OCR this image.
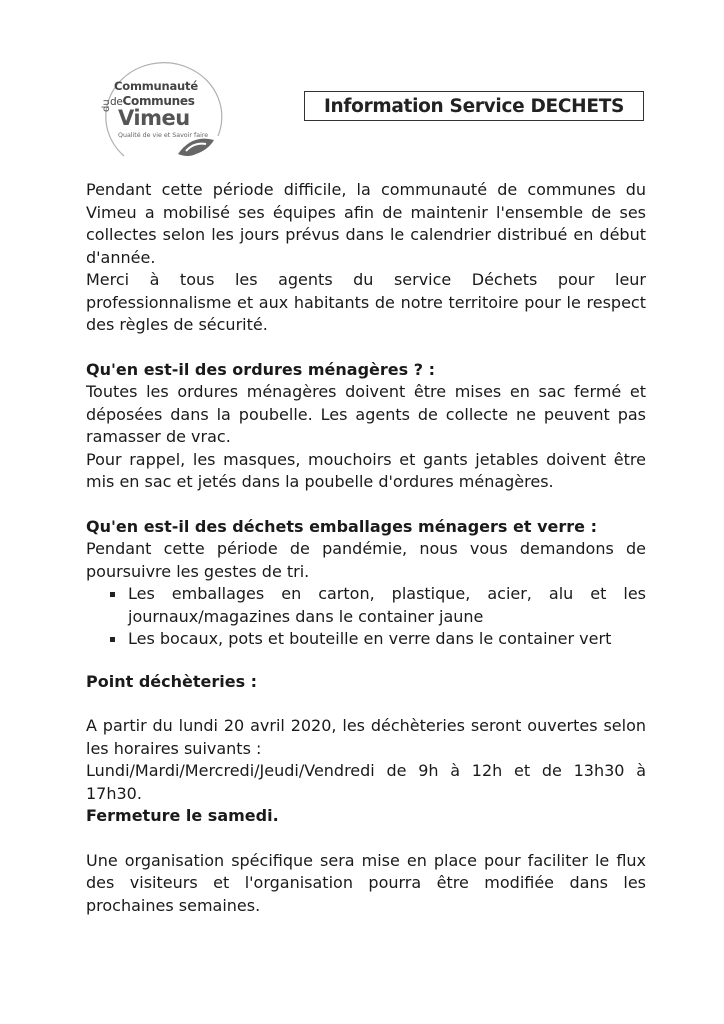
Communauté
deCommunes
du
Vimeu
Qualité de vie et Savoir faire
Information Service DECHETS

Pendant cette période difficile, la communauté de communes du Vimeu a mobilisé ses équipes afin de maintenir l'ensemble de ses collectes selon les jours prévus dans le calendrier distribué en début d'année.

Merci à tous les agents du service Déchets pour leur professionnalisme et aux habitants de notre territoire pour le respect des règles de sécurité.

Qu'en est-il des ordures ménagères ? :

Toutes les ordures ménagères doivent être mises en sac fermé et déposées dans la poubelle. Les agents de collecte ne peuvent pas ramasser de vrac.

Pour rappel, les masques, mouchoirs et gants jetables doivent être mis en sac et jetés dans la poubelle d'ordures ménagères.

Qu'en est-il des déchets emballages ménagers et verre :

Pendant cette période de pandémie, nous vous demandons de poursuivre les gestes de tri.

Les emballages en carton, plastique, acier, alu et les journaux/magazines dans le container jaune
Les bocaux, pots et bouteille en verre dans le container vert
Point déchèteries :

A partir du lundi 20 avril 2020, les déchèteries seront ouvertes selon les horaires suivants :

Lundi/Mardi/Mercredi/Jeudi/Vendredi de 9h à 12h et de 13h30 à 17h30.

Fermeture le samedi.

Une organisation spécifique sera mise en place pour faciliter le flux des visiteurs et l'organisation pourra être modifiée dans les prochaines semaines.
